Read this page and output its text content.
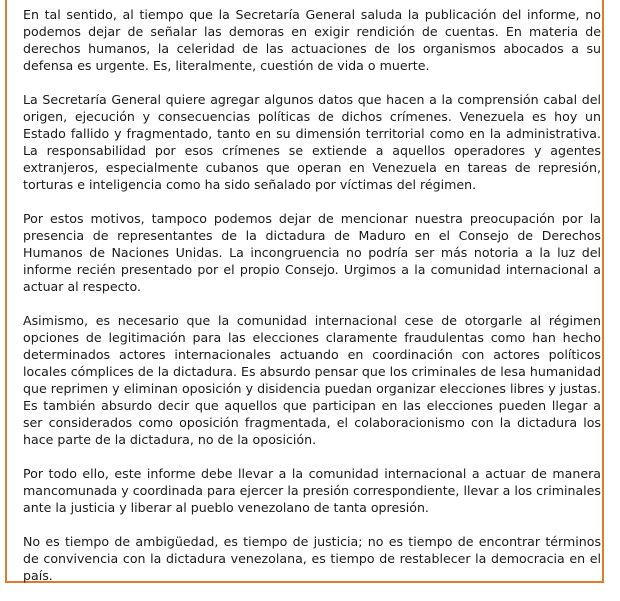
En tal sentido, al tiempo que la Secretaría General saluda la publicación del informe, no podemos dejar de señalar las demoras en exigir rendición de cuentas. En materia de derechos humanos, la celeridad de las actuaciones de los organismos abocados a su defensa es urgente. Es, literalmente, cuestión de vida o muerte.

La Secretaría General quiere agregar algunos datos que hacen a la comprensión cabal del origen, ejecución y consecuencias políticas de dichos crímenes. Venezuela es hoy un Estado fallido y fragmentado, tanto en su dimensión territorial como en la administrativa. La responsabilidad por esos crímenes se extiende a aquellos operadores y agentes extranjeros, especialmente cubanos que operan en Venezuela en tareas de represión, torturas e inteligencia como ha sido señalado por víctimas del régimen.

Por estos motivos, tampoco podemos dejar de mencionar nuestra preocupación por la presencia de representantes de la dictadura de Maduro en el Consejo de Derechos Humanos de Naciones Unidas. La incongruencia no podría ser más notoria a la luz del informe recién presentado por el propio Consejo. Urgimos a la comunidad internacional a actuar al respecto.

Asimismo, es necesario que la comunidad internacional cese de otorgarle al régimen opciones de legitimación para las elecciones claramente fraudulentas como han hecho determinados actores internacionales actuando en coordinación con actores políticos locales cómplices de la dictadura. Es absurdo pensar que los criminales de lesa humanidad que reprimen y eliminan oposición y disidencia puedan organizar elecciones libres y justas. Es también absurdo decir que aquellos que participan en las elecciones pueden llegar a ser considerados como oposición fragmentada, el colaboracionismo con la dictadura los hace parte de la dictadura, no de la oposición.

Por todo ello, este informe debe llevar a la comunidad internacional a actuar de manera mancomunada y coordinada para ejercer la presión correspondiente, llevar a los criminales ante la justicia y liberar al pueblo venezolano de tanta opresión.

No es tiempo de ambigüedad, es tiempo de justicia; no es tiempo de encontrar términos de convivencia con la dictadura venezolana, es tiempo de restablecer la democracia en el país.
